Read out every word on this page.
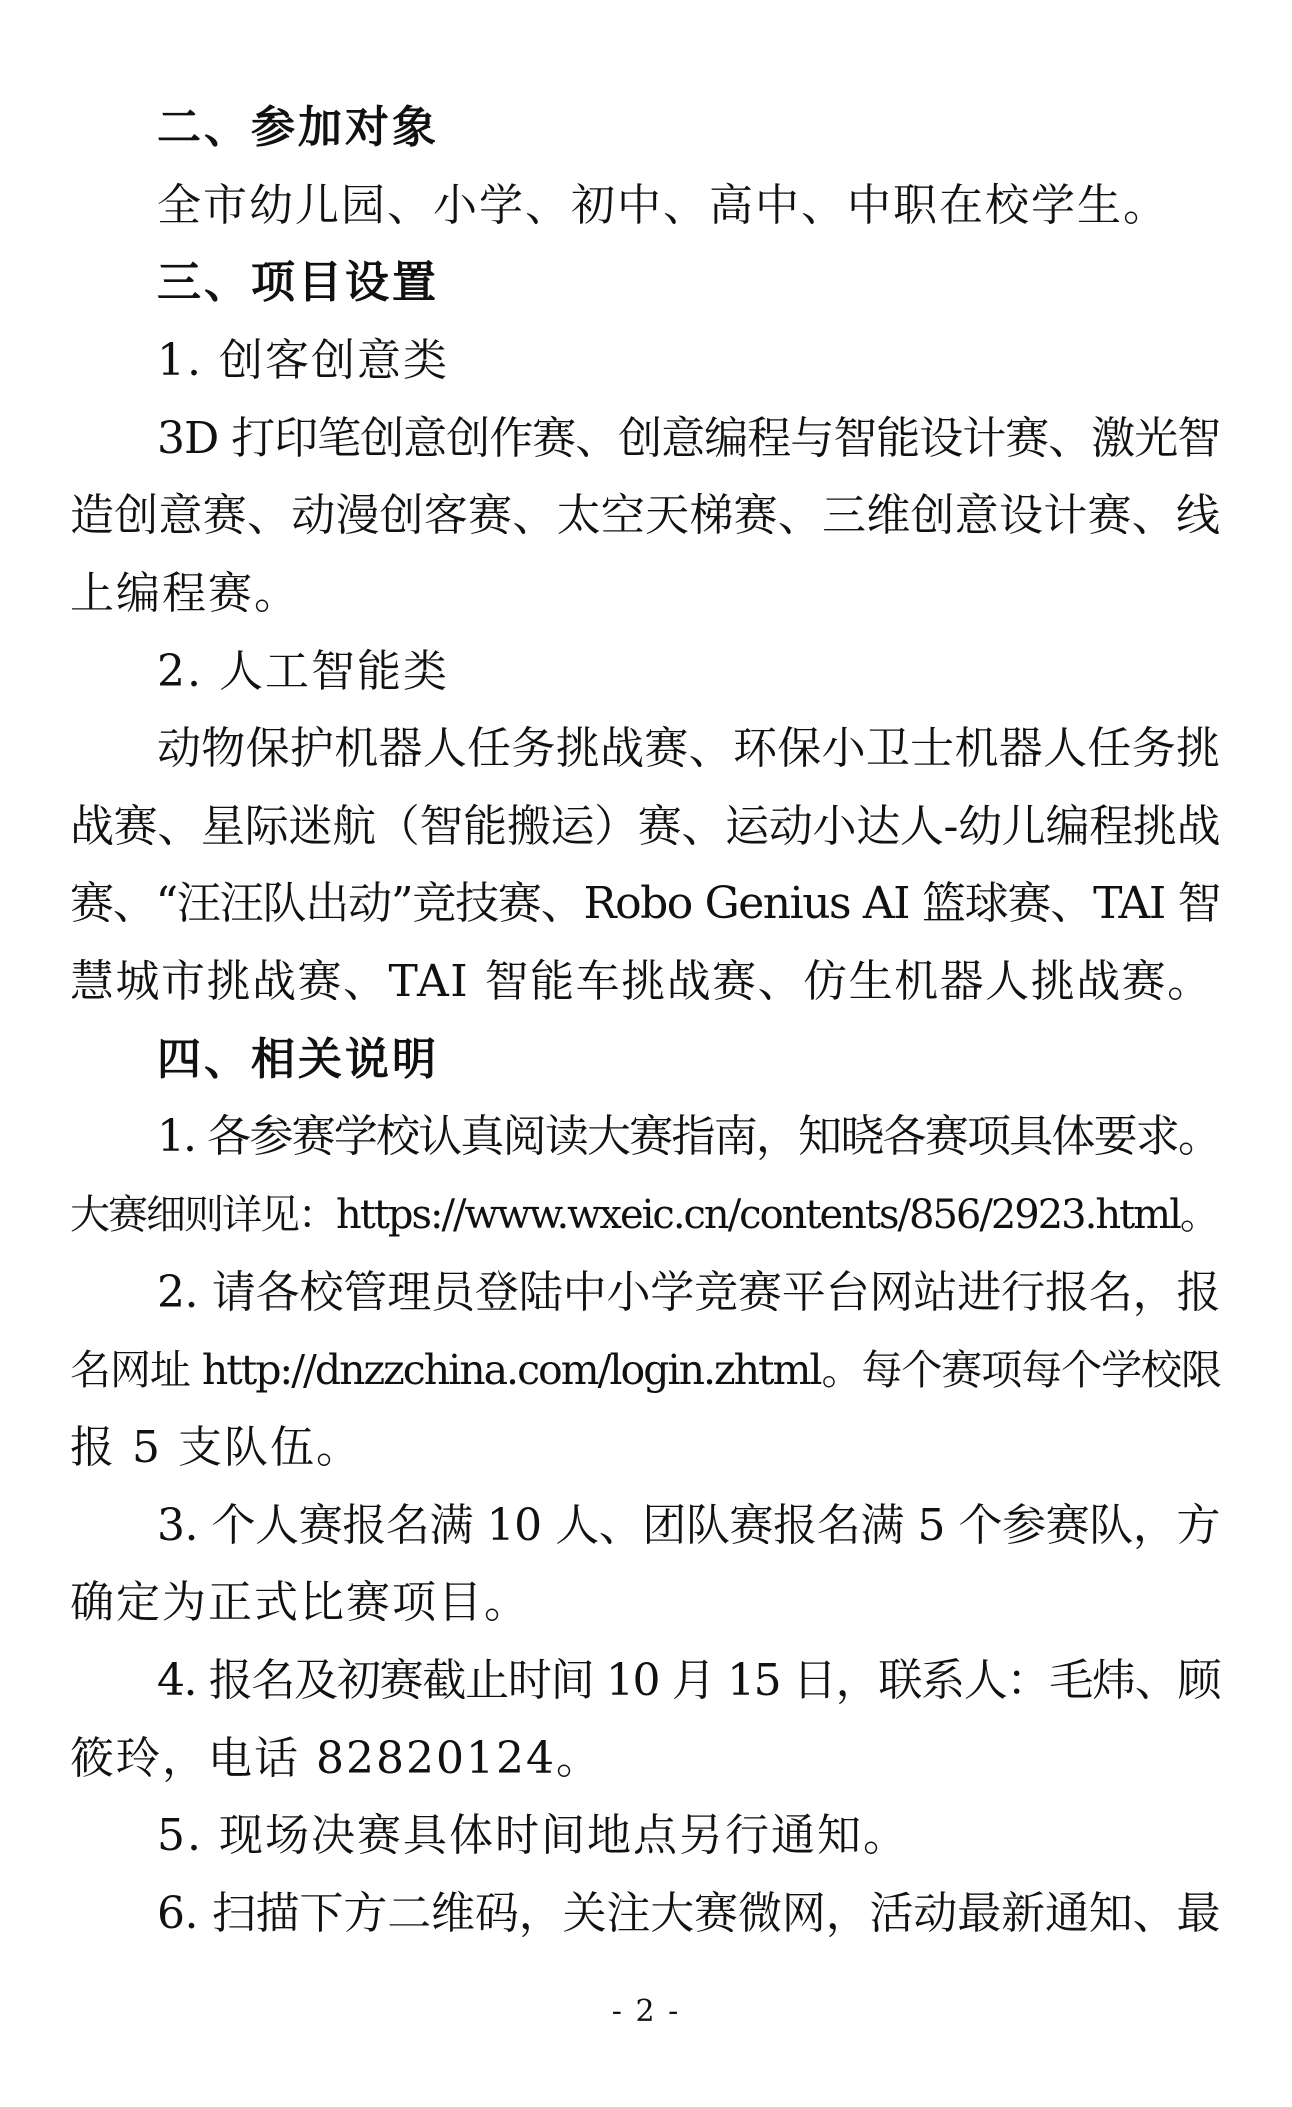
二、参加对象
全市幼儿园、小学、初中、高中、中职在校学生。
三、项目设置
1. 创客创意类
3D 打印笔创意创作赛、创意编程与智能设计赛、激光智
造创意赛、动漫创客赛、太空天梯赛、三维创意设计赛、线
上编程赛。
2. 人工智能类
动物保护机器人任务挑战赛、环保小卫士机器人任务挑
战赛、星际迷航（智能搬运）赛、运动小达人-幼儿编程挑战
赛、“汪汪队出动”竞技赛、Robo Genius AI 篮球赛、TAI 智
慧城市挑战赛、TAI 智能车挑战赛、仿生机器人挑战赛。
四、相关说明
1. 各参赛学校认真阅读大赛指南，知晓各赛项具体要求。
大赛细则详见：https://www.wxeic.cn/contents/856/2923.html。
2. 请各校管理员登陆中小学竞赛平台网站进行报名，报
名网址 http://dnzzchina.com/login.zhtml。每个赛项每个学校限
报 5 支队伍。
3. 个人赛报名满 10 人、团队赛报名满 5 个参赛队，方
确定为正式比赛项目。
4. 报名及初赛截止时间 10 月 15 日，联系人：毛炜、顾
筱玲，电话 82820124。
5. 现场决赛具体时间地点另行通知。
6. 扫描下方二维码，关注大赛微网，活动最新通知、最
- 2 -
